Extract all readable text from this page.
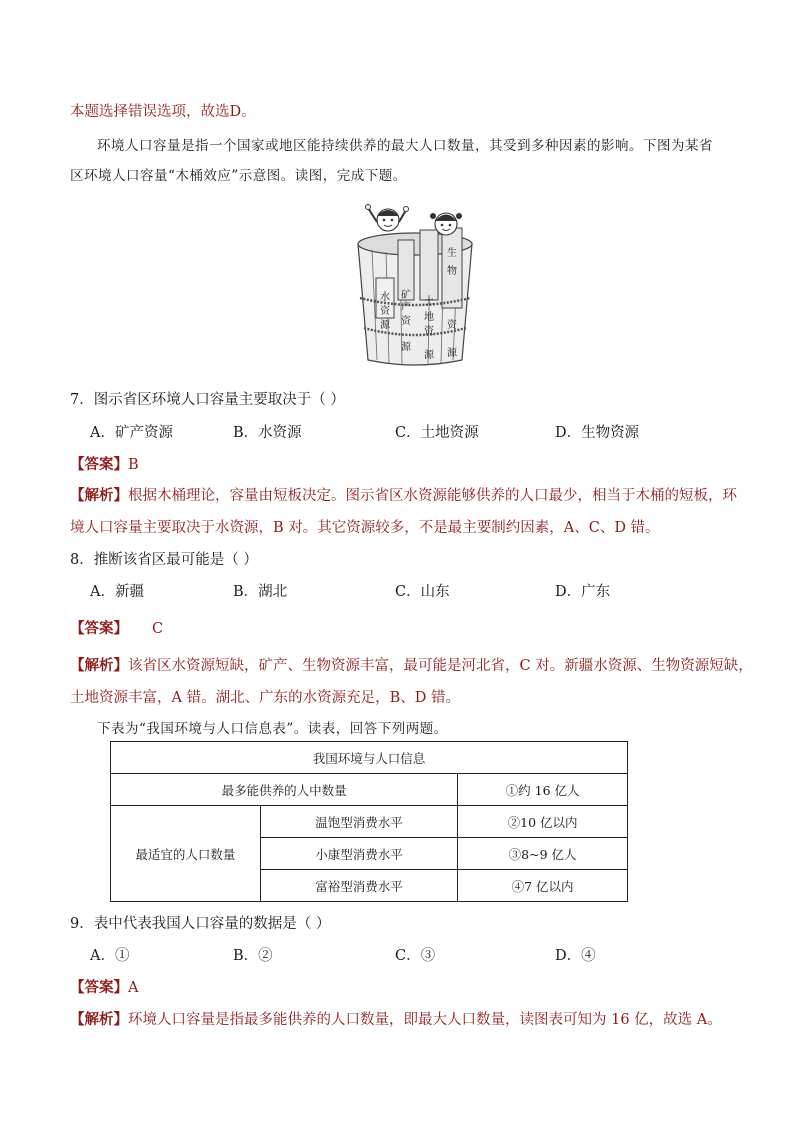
本题选择错误选项，故选D。
环境人口容量是指一个国家或地区能持续供养的最大人口数量，其受到多种因素的影响。下图为某省
区环境人口容量“木桶效应”示意图。读图，完成下题。
水
资
源
矿
产
资
源
土
地
资
源
生
物
资
源
7．图示省区环境人口容量主要取决于（ ）
A．矿产资源	B．水资源	C．土地资源	D．生物资源
【答案】B
【解析】根据木桶理论，容量由短板决定。图示省区水资源能够供养的人口最少，相当于木桶的短板，环
境人口容量主要取决于水资源，B 对。其它资源较多，不是最主要制约因素，A、C、D 错。
8．推断该省区最可能是（ ）
A．新疆	B．湖北	C．山东	D．广东
【答案】 C
【解析】该省区水资源短缺，矿产、生物资源丰富，最可能是河北省，C 对。新疆水资源、生物资源短缺，
土地资源丰富，A 错。湖北、广东的水资源充足，B、D 错。
下表为“我国环境与人口信息表”。读表，回答下列两题。
我国环境与人口信息		
最多能供养的人中数量		①约 16 亿人
最适宜的人口数量	温饱型消费水平	②10 亿以内
	小康型消费水平	③8~9 亿人
	富裕型消费水平	④7 亿以内
9．表中代表我国人口容量的数据是（ ）
A．①	B．②	C．③	D．④
【答案】A
【解析】环境人口容量是指最多能供养的人口数量，即最大人口数量，读图表可知为 16 亿，故选 A。
